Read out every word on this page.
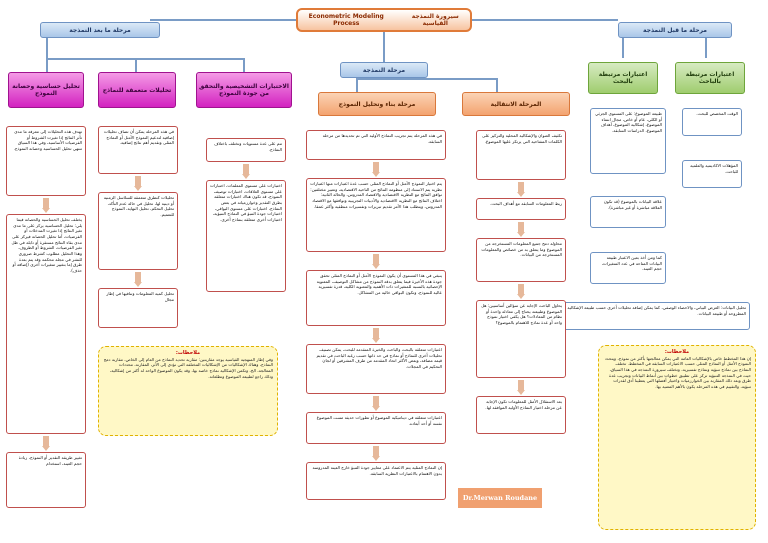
سيرورة النمذجة القياسية
Econometric Modeling Process
مرحلة ما بعد النمذجة
مرحلة النمذجة
مرحلة ما قبل النمذجة
اعتبارات مرتبطة بالبحث
اعتبارات مرتبطة بالباحث
الوقت المخصص للبحث.
المؤهلات الاكاديمية والعلمية للباحث.
طبيعة الموضوع: على المستوى الجزئي أو الكلي، عام أو خاص، مجال انتماء الموضوع، إشكالية الموضوع، أهداف الموضوع، الدراسات السابقة.
علاقة البيانات بالموضوع (قد تكون العلاقة مباشرة أو غير مباشرة).
كما ومن أخذ بعين الاعتبار طبيعة البيانات المتاحة في عدد المتغيرات، حجم العينة.
تحليل البيانات: العرض البياني، والاحصاء الوصفي، كما يمكن إضافة تحليلات أخرى حسب طبيعة الإشكالية المطروحة أو طبيعة البيانات.
ملاحظات:
إن هذا المخطط خاص بالإشكاليات العامة التي يمكن معالجتها بأكثر من نموذج، ويتحدد النموذج الأمثل أو النماذج المثلى حسب الاعتبارات السابقة في المخطط. تختلف النماذج بين نماذج تنبؤية ونماذج تفسيرية، وتختلف سيرورة النمذجة في هذا السياق، حيث في النمذجة التنبؤية تركز على تطبيق خطوات بين أنماط البيانات وتجريب عدة طرق وبعد ذلك المقارنة بين الخوارزميات واختيار أفضلها التي يعطينا أدق لقدرات تنبؤية، والتقييم في هذه المرحلة يكون بالأهم المعنية بها.
مرحلة بناء وتحليل النموذج	المرحلة الانتقالية
تكثيف العنوان والإشكالية المحلية والتركيز على الكلمات المفتاحية التي يرتكز عليها الموضوع.
ربط المعلومات السابقة مع أهداف البحث.
محاولة دمج جميع المعلومات المستخرجة من الموضوع وما يتعلق به من خصائص والمعلومات المستخرجة من البيانات.
يحاول الباحث الإجابة عن سؤالين أساسيين: هل الموضوع وطبيعته يحتاج إلى معادلة واحدة أو نظام من المعادلات؟ هل يكفي اختيار نموذج واحد أو عدة نماذج للاهتمام بالموضوع؟
بعد الاستقلال الأمثل للمعلومات تكون الإجابة عن مرحلة اختيار النماذج الأولية الموافقة لها.
في هذه المرحلة يتم تجريب النماذج الأولية التي تم تحديدها من مرحلة السابقة.
يتم اختيار النموذج الأمثل أو النماذج المثلى حسب عدة اعتبارات منها اعتبارات نظرية يتم الاستناد إلى منظومة النتائج من الناحية الاقتصادية، وتعبير مختلفين: توافق النتائج مع النظرية الاقتصادية والاقتصاد المدروس، والحالة الثانية: اختلاف النتائج مع النظرية الاقتصادية والأدبيات التجريبية وتوافقها مع الاقتصاد المدروس، ويتطلب هذا الأمر تقديم تبريرات وتفسيرات منطقية وأكثر عمقا.
ينبغي في هذا المستوى أن يكون النموذج الأمثل أو النماذج المثلى تحقق جودة هذه الأخيرة فيما يتعلق بدقة النموذج من مشاكل التوصيف، المعنوية الإحصائية بالنسبة للمتغيرات ذات الأهمية والمعنوية الكلية، قدرة تفسيرية عالية للنموذج، وتكون البواقي خالية من المشاكل.
اعتبارات متعلقة بالبحث والباحث والخبرة المتقدمة للبحث، يمكن تصنيف تحليلات أخرى للنماذج أو نماذج في حد ذاتها حسب رغبة الباحث في تقديم قيمة مضافة، وبعض الأكثر اتحاد المقدمة من طرف المشرفين أو لجان التحكيم في المجلات.
اعتبارات متعلقة في ديناميكية الموضوع أو تطورات حديثة مست الموضوع نفسه أو أحد أبعاده.
إن النماذج المثلية يتم الاعتماد على معايير جودة التنبؤ خارج العينة المدروسة بدون الاهتمام بالاعتبارات النظرية السابقة.
Dr.Merwan Roudane
تحليل حساسية وحصانة النموذج	تحليلات متعمقة للنماذج	الاختبارات التشخيصية والتحقق من جودة النموذج
تتم على عدة مستويات وتختلف باختلاف النماذج.
اختبارات على مستوى المعلمات، اختبارات على مستوى العلاقات، اختبارات توصيف النموذج، قد تكون هناك اختبارات متعلقة بطرق التقدير وخوارزمياته في بعض النماذج، اختبارات على مستوى البواقي، اختبارات جودة التنبؤ في النماذج التنبؤية، اختبارات أخرى متعلقة بنماذج أخرى.
في هذه المرحلة يمكن أن تضاف تحليلات إضافية لتدعيم النموذج الأمثل أو النماذج المثلى وتقديم أهم نتائج إضافية.
تحليلات كتطرق متعمقة للسلاسل الزمنية أو دينية لها، تحليل في حالة عدم التأكد، تحليل التحكم، تحليل النهاية، النموذج للتعميم.
تحليل كمية المعلومات وتنافيها في إطار مجال
تهدف هذه التحليلات إلى معرفة ما مدى تأثر النتائج إذا تغيرت الشروط أو الفرضيات الأساسية، وفي هذا السياق تنتهي تحليل الحساسية وحصانة النموذج.
يختلف تحليل الحساسية والحصانة فيما يلي: تحليل الحساسية يركز على ما مدى تغير النتائج إذا تغيرت المدخلات أو الفرضيات، أما تحليل الحصانة فيركز على مدى بقاء النتائج مستقرة أو ذابلة في ظل تغير الفرضيات، الشروط أو الظروف، وهذا التحليل مطلوب كشرط ضروري للنشر في مجلة محكمة وقد يتم بعدة طرق إما بتغيير متغيرات أخرى (إضافة أو حذف).
تغيير طريقة التقدير أو النموذج، زيادة حجم العينة، استخدام
ملاحظات:
وفي إطار المنهجية القياسية يوجد مقاربتين: مقاربة تحديد النماذج من العام إلى الخاص، مقاربة دمج النماذج، وهناك الإشكاليات من الإشكاليات المختلفة التي تؤدي إلى الأثر، المقارنة، محددات المعالجة، الخ، وتكمن الإشكالية نماذج خاصة بها، وقد يكون الموضوع الواحد له أكثر من إشكالية، وذلك راجع لطبيعة الموضوع وتطلعاته.
